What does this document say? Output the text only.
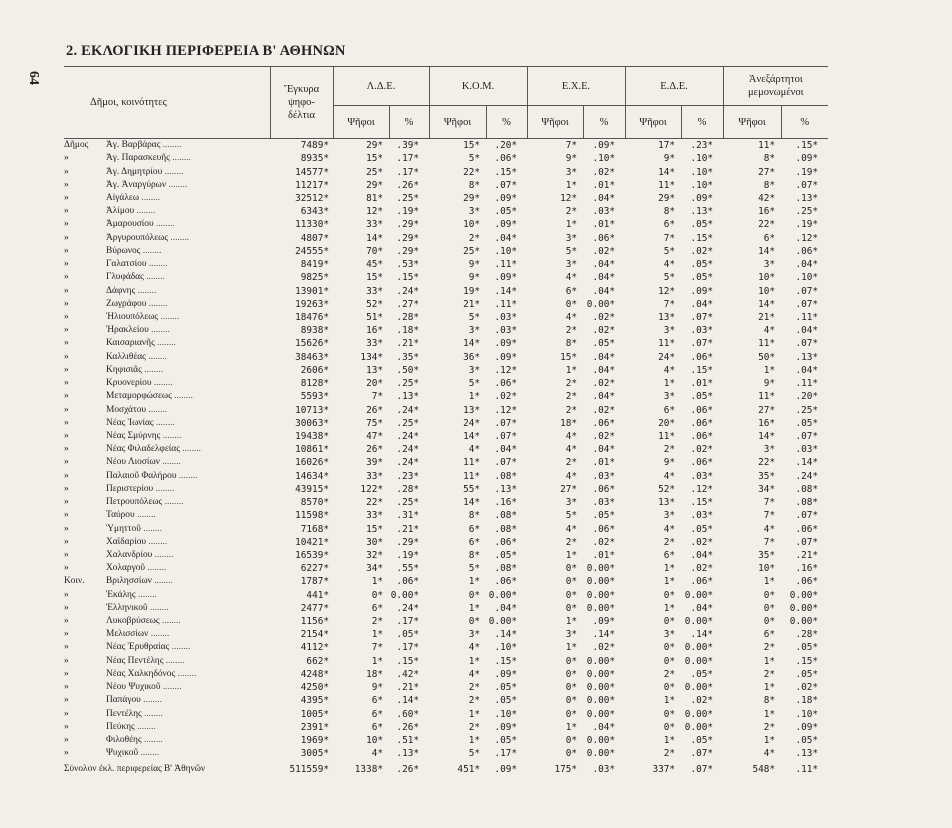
64
2. ΕΚΛΟΓΙΚΗ ΠΕΡΙΦΕΡΕΙΑ Β' ΑΘΗΝΩΝ
Δῆμοι, κοινότητες	Ἔγκυρα
ψηφο-
δέλτια	Λ.Δ.Ε.		Κ.Ο.Μ.		Ε.Χ.Ε.		Ε.Δ.Ε.		Ἀνεξάρτητοι μεμονωμένοι	
		Ψῆφοι	%	Ψῆφοι	%	Ψῆφοι	%	Ψῆφοι	%	Ψῆφοι	%
Δῆμος Ἁγ. Βαρβάρας ........	7489*	29*	.39*	15*	.20*	7*	.09*	17*	.23*	11*	.15*
» Ἁγ. Παρασκευῆς ........	8935*	15*	.17*	5*	.06*	9*	.10*	9*	.10*	8*	.09*
» Ἁγ. Δημητρίου ........	14577*	25*	.17*	22*	.15*	3*	.02*	14*	.10*	27*	.19*
» Ἁγ. Ἀναργύρων ........	11217*	29*	.26*	8*	.07*	1*	.01*	11*	.10*	8*	.07*
» Αἰγάλεω ........	32512*	81*	.25*	29*	.09*	12*	.04*	29*	.09*	42*	.13*
» Ἀλίμου ........	6343*	12*	.19*	3*	.05*	2*	.03*	8*	.13*	16*	.25*
» Ἀμαρουσίου ........	11330*	33*	.29*	10*	.09*	1*	.01*	6*	.05*	22*	.19*
» Ἀργυρουπόλεως ........	4807*	14*	.29*	2*	.04*	3*	.06*	7*	.15*	6*	.12*
» Βύρωνος ........	24555*	70*	.29*	25*	.10*	5*	.02*	5*	.02*	14*	.06*
» Γαλατσίου ........	8419*	45*	.53*	9*	.11*	3*	.04*	4*	.05*	3*	.04*
» Γλυφάδας ........	9825*	15*	.15*	9*	.09*	4*	.04*	5*	.05*	10*	.10*
» Δάφνης ........	13901*	33*	.24*	19*	.14*	6*	.04*	12*	.09*	10*	.07*
» Ζωγράφου ........	19263*	52*	.27*	21*	.11*	0*	0.00*	7*	.04*	14*	.07*
» Ἡλιουπόλεως ........	18476*	51*	.28*	5*	.03*	4*	.02*	13*	.07*	21*	.11*
» Ἡρακλείου ........	8938*	16*	.18*	3*	.03*	2*	.02*	3*	.03*	4*	.04*
» Καισαριανῆς ........	15626*	33*	.21*	14*	.09*	8*	.05*	11*	.07*	11*	.07*
» Καλλιθέας ........	38463*	134*	.35*	36*	.09*	15*	.04*	24*	.06*	50*	.13*
» Κηφισιᾶς ........	2606*	13*	.50*	3*	.12*	1*	.04*	4*	.15*	1*	.04*
» Κρυονερίου ........	8128*	20*	.25*	5*	.06*	2*	.02*	1*	.01*	9*	.11*
» Μεταμορφώσεως ........	5593*	7*	.13*	1*	.02*	2*	.04*	3*	.05*	11*	.20*
» Μοσχάτου ........	10713*	26*	.24*	13*	.12*	2*	.02*	6*	.06*	27*	.25*
» Νέας Ἰωνίας ........	30063*	75*	.25*	24*	.07*	18*	.06*	20*	.06*	16*	.05*
» Νέας Σμύρνης ........	19438*	47*	.24*	14*	.07*	4*	.02*	11*	.06*	14*	.07*
» Νέας Φιλαδελφείας ........	10861*	26*	.24*	4*	.04*	4*	.04*	2*	.02*	3*	.03*
» Νέου Λιοσίων ........	16026*	39*	.24*	11*	.07*	2*	.01*	9*	.06*	22*	.14*
» Παλαιοῦ Φαλήρου ........	14634*	33*	.23*	11*	.08*	4*	.03*	4*	.03*	35*	.24*
» Περιστερίου ........	43915*	122*	.28*	55*	.13*	27*	.06*	52*	.12*	34*	.08*
» Πετρουπόλεως ........	8570*	22*	.25*	14*	.16*	3*	.03*	13*	.15*	7*	.08*
» Ταύρου ........	11598*	33*	.31*	8*	.08*	5*	.05*	3*	.03*	7*	.07*
» Ὑμηττοῦ ........	7168*	15*	.21*	6*	.08*	4*	.06*	4*	.05*	4*	.06*
» Χαϊδαρίου ........	10421*	30*	.29*	6*	.06*	2*	.02*	2*	.02*	7*	.07*
» Χαλανδρίου ........	16539*	32*	.19*	8*	.05*	1*	.01*	6*	.04*	35*	.21*
» Χολαργοῦ ........	6227*	34*	.55*	5*	.08*	0*	0.00*	1*	.02*	10*	.16*
Κοιν. Βριλησσίων ........	1787*	1*	.06*	1*	.06*	0*	0.00*	1*	.06*	1*	.06*
» Ἑκάλης ........	441*	0*	0.00*	0*	0.00*	0*	0.00*	0*	0.00*	0*	0.00*
» Ἑλληνικοῦ ........	2477*	6*	.24*	1*	.04*	0*	0.00*	1*	.04*	0*	0.00*
» Λυκοβρύσεως ........	1156*	2*	.17*	0*	0.00*	1*	.09*	0*	0.00*	0*	0.00*
» Μελισσίων ........	2154*	1*	.05*	3*	.14*	3*	.14*	3*	.14*	6*	.28*
» Νέας Ἐρυθραίας ........	4112*	7*	.17*	4*	.10*	1*	.02*	0*	0.00*	2*	.05*
» Νέας Πεντέλης ........	662*	1*	.15*	1*	.15*	0*	0.00*	0*	0.00*	1*	.15*
» Νέας Χαλκηδόνος ........	4248*	18*	.42*	4*	.09*	0*	0.00*	2*	.05*	2*	.05*
» Νέου Ψυχικοῦ ........	4250*	9*	.21*	2*	.05*	0*	0.00*	0*	0.00*	1*	.02*
» Παπάγου ........	4395*	6*	.14*	2*	.05*	0*	0.00*	1*	.02*	8*	.18*
» Πεντέλης ........	1005*	6*	.60*	1*	.10*	0*	0.00*	0*	0.00*	1*	.10*
» Πεύκης ........	2391*	6*	.26*	2*	.09*	1*	.04*	0*	0.00*	2*	.09*
» Φιλοθέης ........	1969*	10*	.51*	1*	.05*	0*	0.00*	1*	.05*	1*	.05*
» Ψυχικοῦ ........	3005*	4*	.13*	5*	.17*	0*	0.00*	2*	.07*	4*	.13*
Σύνολον ἐκλ. περιφερείας Β' Ἀθηνῶν	511559*	1338*	.26*	451*	.09*	175*	.03*	337*	.07*	548*	.11*
